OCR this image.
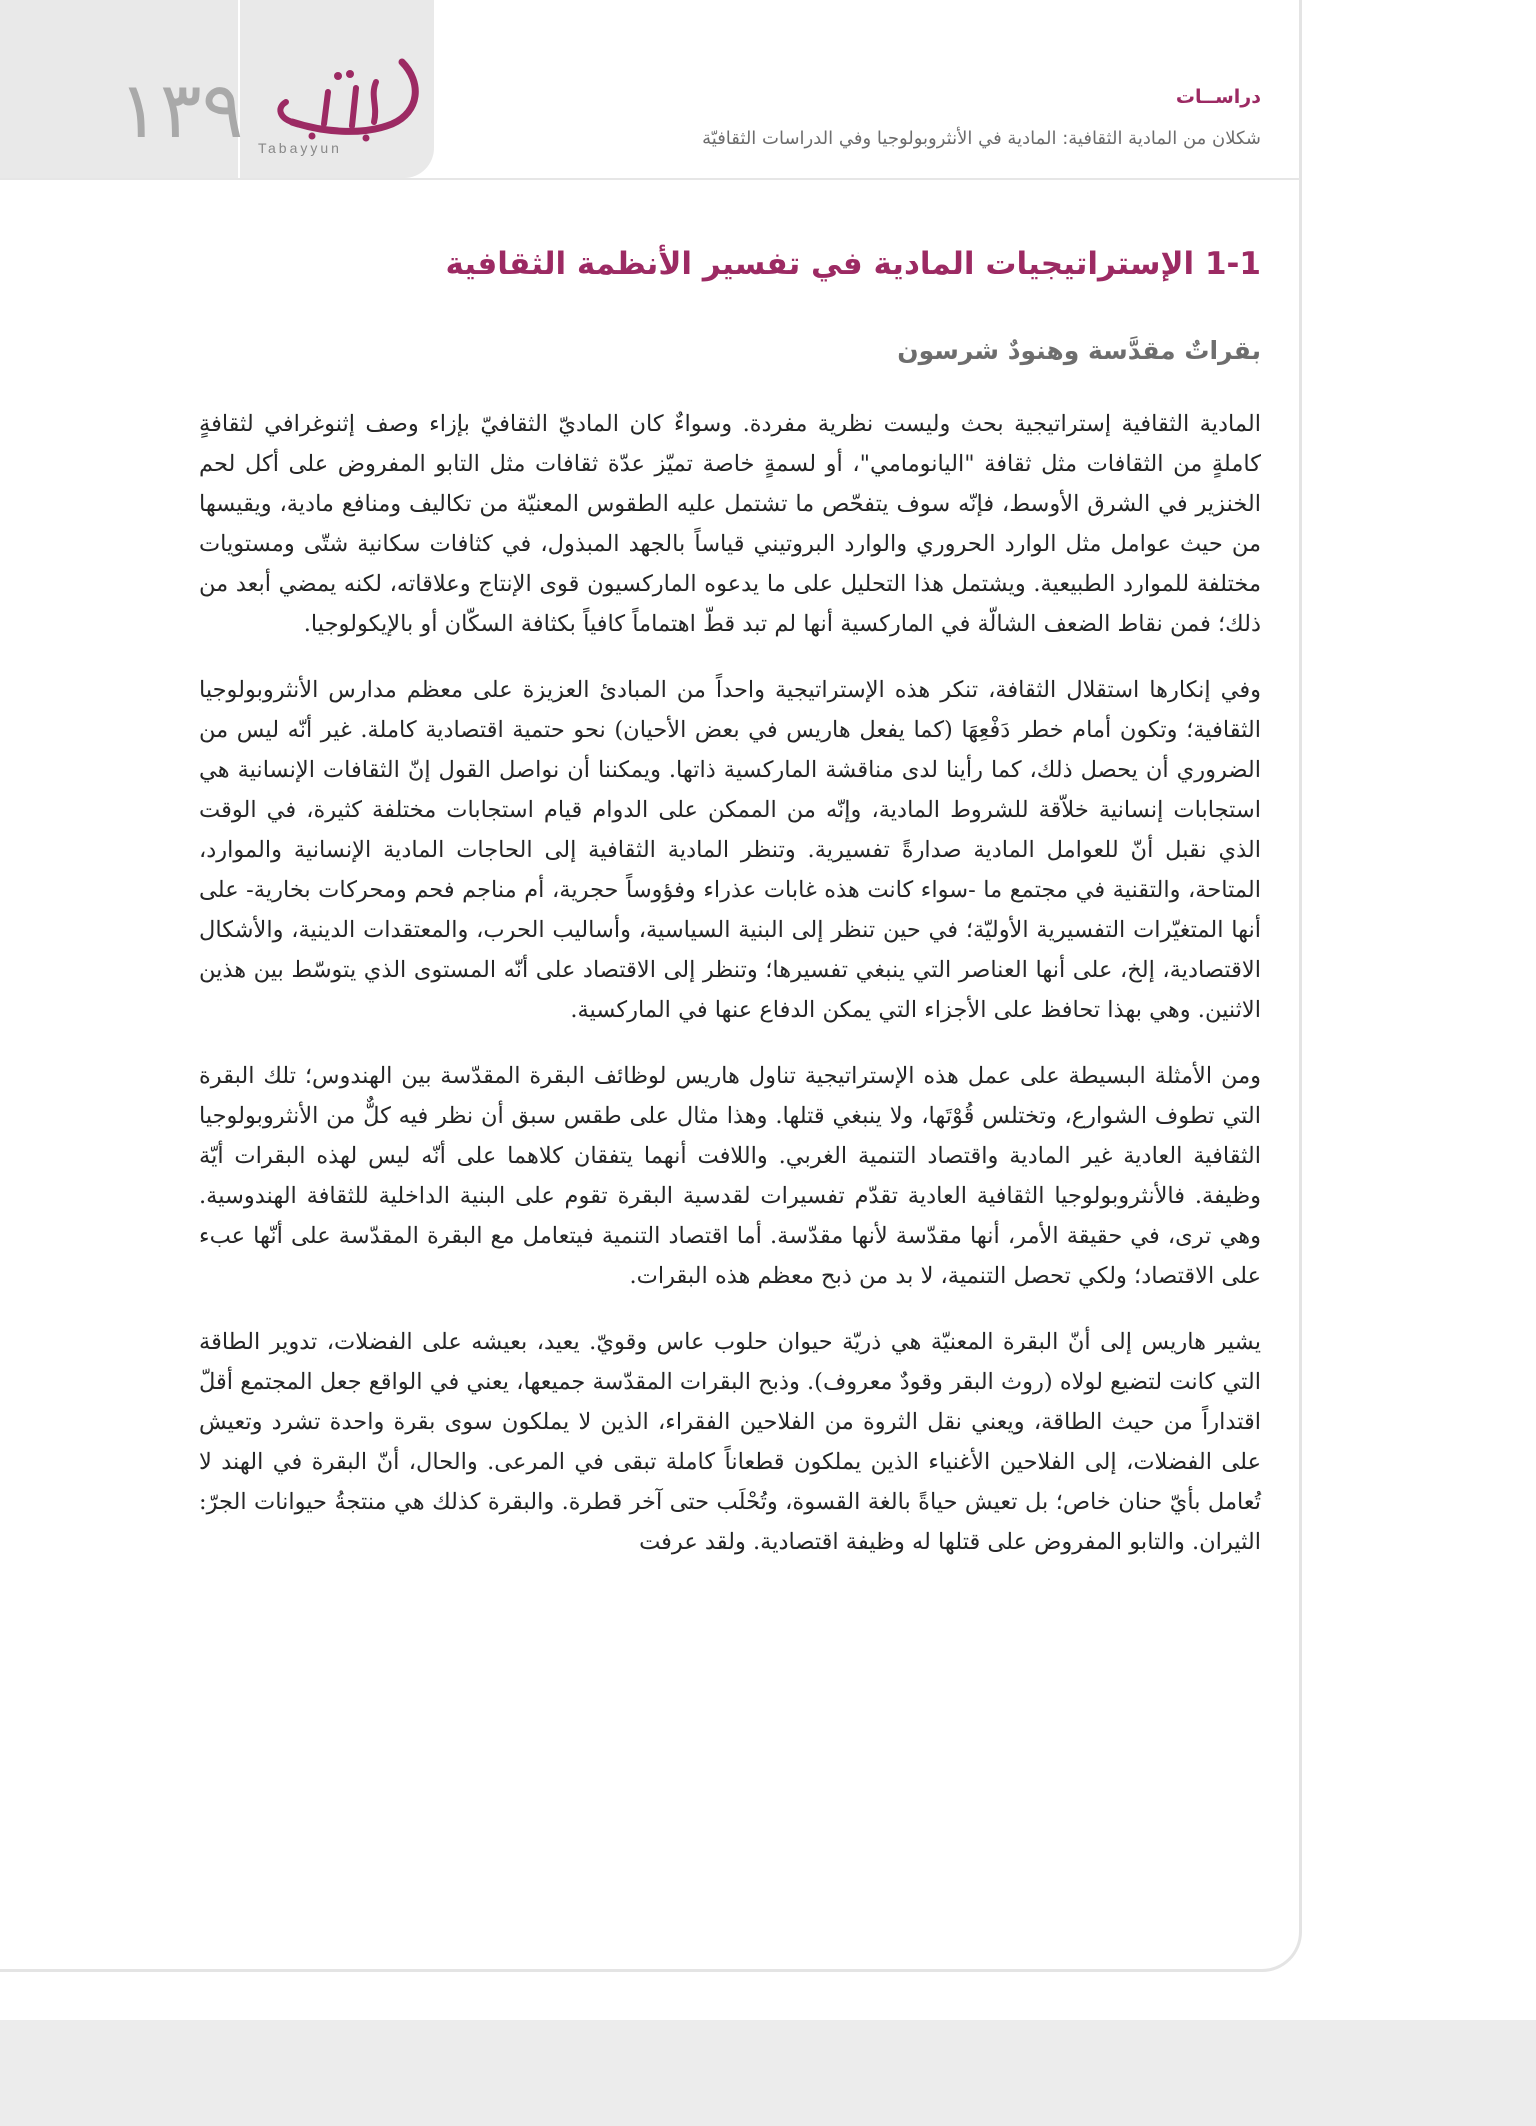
١٣٩ Tabayyun
دراســات
شكلان من المادية الثقافية: المادية في الأنثروبولوجيا وفي الدراسات الثقافيّة
1-1 الإستراتيجيات المادية في تفسير الأنظمة الثقافية
بقراتٌ مقدَّسة وهنودٌ شرسون

المادية الثقافية إستراتيجية بحث وليست نظرية مفردة. وسواءٌ كان الماديّ الثقافيّ بإزاء وصف إثنوغرافي لثقافةٍ كاملةٍ من الثقافات مثل ثقافة "اليانومامي"، أو لسمةٍ خاصة تميّز عدّة ثقافات مثل التابو المفروض على أكل لحم الخنزير في الشرق الأوسط، فإنّه سوف يتفحّص ما تشتمل عليه الطقوس المعنيّة من تكاليف ومنافع مادية، ويقيسها من حيث عوامل مثل الوارد الحروري والوارد البروتيني قياساً بالجهد المبذول، في كثافات سكانية شتّى ومستويات مختلفة للموارد الطبيعية. ويشتمل هذا التحليل على ما يدعوه الماركسيون قوى الإنتاج وعلاقاته، لكنه يمضي أبعد من ذلك؛ فمن نقاط الضعف الشالّة في الماركسية أنها لم تبد قطّ اهتماماً كافياً بكثافة السكّان أو بالإيكولوجيا.

وفي إنكارها استقلال الثقافة، تنكر هذه الإستراتيجية واحداً من المبادئ العزيزة على معظم مدارس الأنثروبولوجيا الثقافية؛ وتكون أمام خطر دَفْعِهَا (كما يفعل هاريس في بعض الأحيان) نحو حتمية اقتصادية كاملة. غير أنّه ليس من الضروري أن يحصل ذلك، كما رأينا لدى مناقشة الماركسية ذاتها. ويمكننا أن نواصل القول إنّ الثقافات الإنسانية هي استجابات إنسانية خلاّقة للشروط المادية، وإنّه من الممكن على الدوام قيام استجابات مختلفة كثيرة، في الوقت الذي نقبل أنّ للعوامل المادية صدارةً تفسيرية. وتنظر المادية الثقافية إلى الحاجات المادية الإنسانية والموارد، المتاحة، والتقنية في مجتمع ما -سواء كانت هذه غابات عذراء وفؤوساً حجرية، أم مناجم فحم ومحركات بخارية- على أنها المتغيّرات التفسيرية الأوليّة؛ في حين تنظر إلى البنية السياسية، وأساليب الحرب، والمعتقدات الدينية، والأشكال الاقتصادية، إلخ، على أنها العناصر التي ينبغي تفسيرها؛ وتنظر إلى الاقتصاد على أنّه المستوى الذي يتوسّط بين هذين الاثنين. وهي بهذا تحافظ على الأجزاء التي يمكن الدفاع عنها في الماركسية.

ومن الأمثلة البسيطة على عمل هذه الإستراتيجية تناول هاريس لوظائف البقرة المقدّسة بين الهندوس؛ تلك البقرة التي تطوف الشوارع، وتختلس قُوْتَها، ولا ينبغي قتلها. وهذا مثال على طقس سبق أن نظر فيه كلٌّ من الأنثروبولوجيا الثقافية العادية غير المادية واقتصاد التنمية الغربي. واللافت أنهما يتفقان كلاهما على أنّه ليس لهذه البقرات أيّة وظيفة. فالأنثروبولوجيا الثقافية العادية تقدّم تفسيرات لقدسية البقرة تقوم على البنية الداخلية للثقافة الهندوسية. وهي ترى، في حقيقة الأمر، أنها مقدّسة لأنها مقدّسة. أما اقتصاد التنمية فيتعامل مع البقرة المقدّسة على أنّها عبء على الاقتصاد؛ ولكي تحصل التنمية، لا بد من ذبح معظم هذه البقرات.

يشير هاريس إلى أنّ البقرة المعنيّة هي ذريّة حيوان حلوب عاس وقويّ. يعيد، بعيشه على الفضلات، تدوير الطاقة التي كانت لتضيع لولاه (روث البقر وقودٌ معروف). وذبح البقرات المقدّسة جميعها، يعني في الواقع جعل المجتمع أقلّ اقتداراً من حيث الطاقة، ويعني نقل الثروة من الفلاحين الفقراء، الذين لا يملكون سوى بقرة واحدة تشرد وتعيش على الفضلات، إلى الفلاحين الأغنياء الذين يملكون قطعاناً كاملة تبقى في المرعى. والحال، أنّ البقرة في الهند لا تُعامل بأيّ حنان خاص؛ بل تعيش حياةً بالغة القسوة، وتُحْلَب حتى آخر قطرة. والبقرة كذلك هي منتجةُ حيوانات الجرّ: الثيران. والتابو المفروض على قتلها له وظيفة اقتصادية. ولقد عرفت
